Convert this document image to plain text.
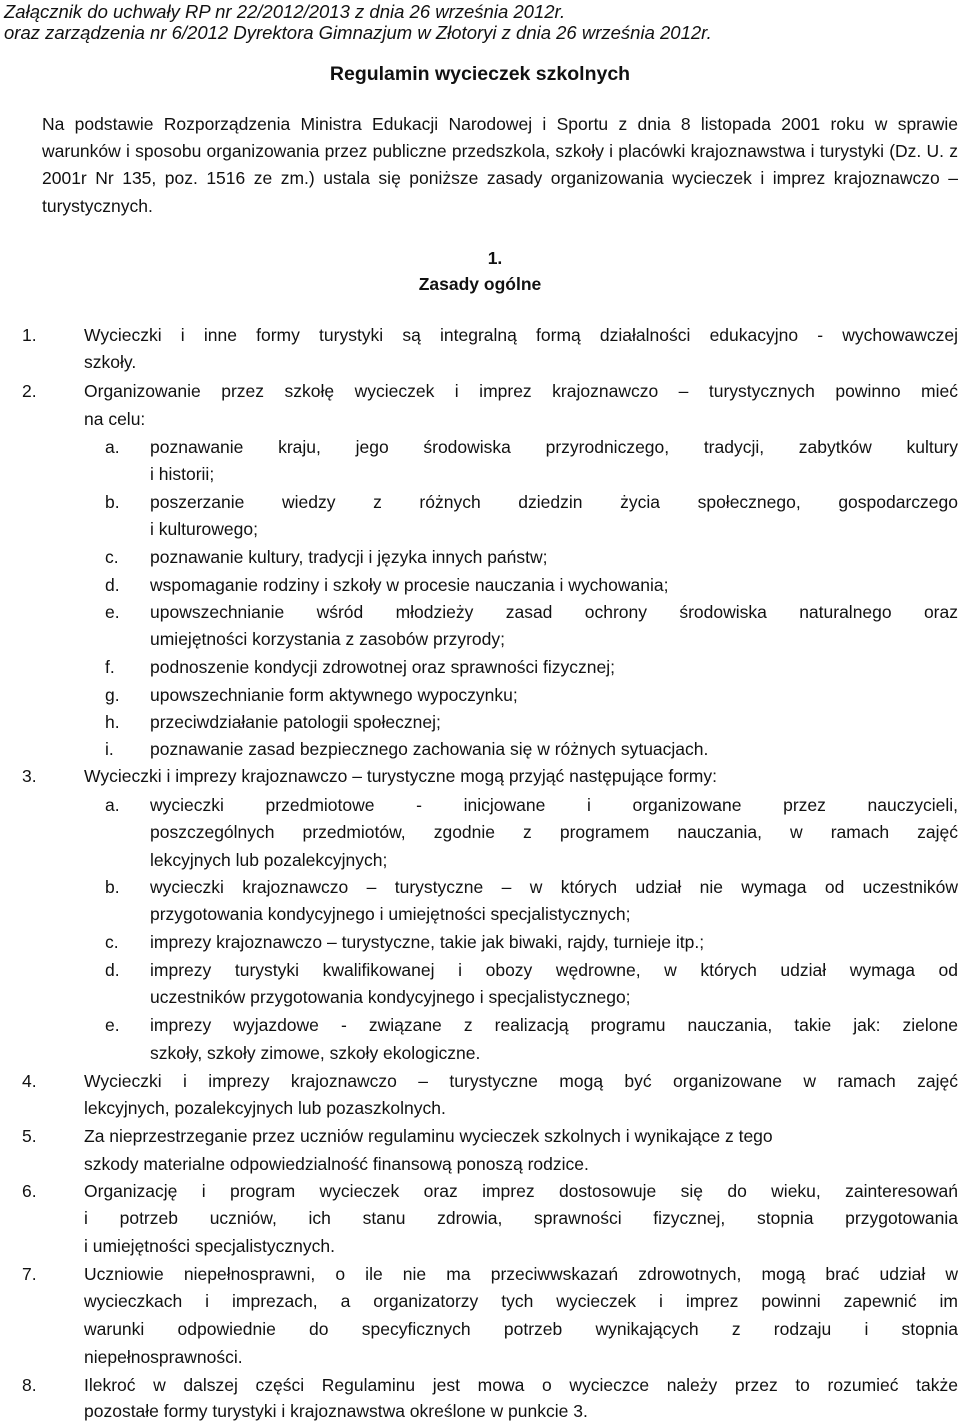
Załącznik do uchwały RP nr 22/2012/2013 z dnia 26 września 2012r.
oraz zarządzenia nr 6/2012 Dyrektora Gimnazjum w Złotoryi z dnia 26 września 2012r.
Regulamin wycieczek szkolnych
Na podstawie Rozporządzenia Ministra Edukacji Narodowej i Sportu z dnia 8 listopada 2001 roku w sprawie warunków i sposobu organizowania przez publiczne przedszkola, szkoły i placówki krajoznawstwa i turystyki (Dz. U. z 2001r Nr 135, poz. 1516 ze zm.) ustala się poniższe zasady organizowania wycieczek i imprez krajoznawczo – turystycznych.
1.
Zasady ogólne
1.	Wycieczki i inne formy turystyki są integralną formą działalności edukacyjno - wychowawczej
szkoły.
2.	Organizowanie przez szkołę wycieczek i imprez krajoznawczo – turystycznych powinno mieć
na celu:
a. poznawanie kraju, jego środowiska przyrodniczego, tradycji, zabytków kultury
i historii;
b. poszerzanie wiedzy z różnych dziedzin życia społecznego, gospodarczego
i kulturowego;
c. poznawanie kultury, tradycji i języka innych państw;
d. wspomaganie rodziny i szkoły w procesie nauczania i wychowania;
e. upowszechnianie wśród młodzieży zasad ochrony środowiska naturalnego oraz
umiejętności korzystania z zasobów przyrody;
f. podnoszenie kondycji zdrowotnej oraz sprawności fizycznej;
g. upowszechnianie form aktywnego wypoczynku;
h. przeciwdziałanie patologii społecznej;
i. poznawanie zasad bezpiecznego zachowania się w różnych sytuacjach.
3.	Wycieczki i imprezy krajoznawczo – turystyczne mogą przyjąć następujące formy:
a. wycieczki przedmiotowe - inicjowane i organizowane przez nauczycieli,
poszczególnych przedmiotów, zgodnie z programem nauczania, w ramach zajęć
lekcyjnych lub pozalekcyjnych;
b. wycieczki krajoznawczo – turystyczne – w których udział nie wymaga od uczestników
przygotowania kondycyjnego i umiejętności specjalistycznych;
c. imprezy krajoznawczo – turystyczne, takie jak biwaki, rajdy, turnieje itp.;
d. imprezy turystyki kwalifikowanej i obozy wędrowne, w których udział wymaga od
uczestników przygotowania kondycyjnego i specjalistycznego;
e. imprezy wyjazdowe - związane z realizacją programu nauczania, takie jak: zielone
szkoły, szkoły zimowe, szkoły ekologiczne.
4.	Wycieczki i imprezy krajoznawczo – turystyczne mogą być organizowane w ramach zajęć
lekcyjnych, pozalekcyjnych lub pozaszkolnych.
5.	Za nieprzestrzeganie przez uczniów regulaminu wycieczek szkolnych i wynikające z tego
szkody materialne odpowiedzialność finansową ponoszą rodzice.
6.	Organizację i program wycieczek oraz imprez dostosowuje się do wieku, zainteresowań
i potrzeb uczniów, ich stanu zdrowia, sprawności fizycznej, stopnia przygotowania
i umiejętności specjalistycznych.
7.	Uczniowie niepełnosprawni, o ile nie ma przeciwwskazań zdrowotnych, mogą brać udział w
wycieczkach i imprezach, a organizatorzy tych wycieczek i imprez powinni zapewnić im
warunki odpowiednie do specyficznych potrzeb wynikających z rodzaju i stopnia
niepełnosprawności.
8.	Ilekroć w dalszej części Regulaminu jest mowa o wycieczce należy przez to rozumieć także
pozostałe formy turystyki i krajoznawstwa określone w punkcie 3.
